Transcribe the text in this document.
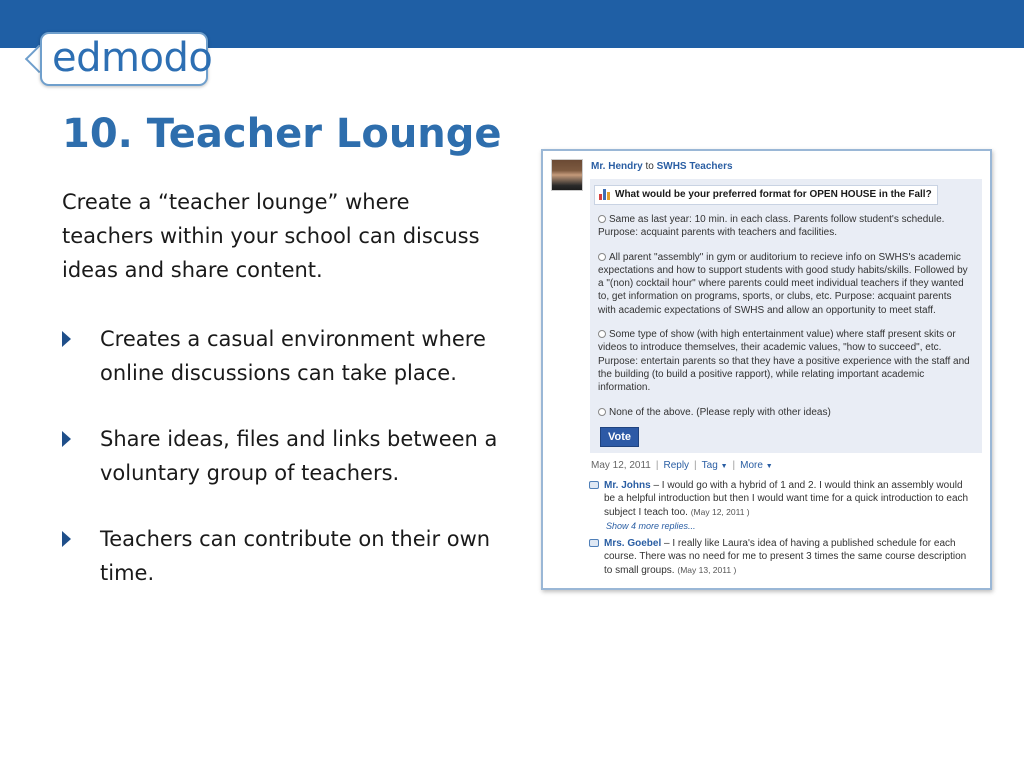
edmodo
10. Teacher Lounge

Create a “teacher lounge” where teachers within your school can discuss ideas and share content.

Creates a casual environment where online discussions can take place.
Share ideas, files and links between a voluntary group of teachers.
Teachers can contribute on their own time.
Mr. Hendry to SWHS Teachers
What would be your preferred format for OPEN HOUSE in the Fall?
Same as last year: 10 min. in each class. Parents follow student's schedule. Purpose: acquaint parents with teachers and facilities.
All parent "assembly" in gym or auditorium to recieve info on SWHS's academic expectations and how to support students with good study habits/skills. Followed by a "(non) cocktail hour" where parents could meet individual teachers if they wanted to, get information on programs, sports, or clubs, etc. Purpose: acquaint parents with academic expectations of SWHS and allow an opportunity to meet staff.
Some type of show (with high entertainment value) where staff present skits or videos to introduce themselves, their academic values, "how to succeed", etc. Purpose: entertain parents so that they have a positive experience with the staff and the building (to build a positive rapport), while relating important academic information.
None of the above. (Please reply with other ideas)
Vote
May 12, 2011 | Reply | Tag ▼ | More ▼
Mr. Johns – I would go with a hybrid of 1 and 2. I would think an assembly would be a helpful introduction but then I would want time for a quick introduction to each subject I teach too. (May 12, 2011 )
Show 4 more replies...
Mrs. Goebel – I really like Laura's idea of having a published schedule for each course. There was no need for me to present 3 times the same course description to small groups. (May 13, 2011 )
